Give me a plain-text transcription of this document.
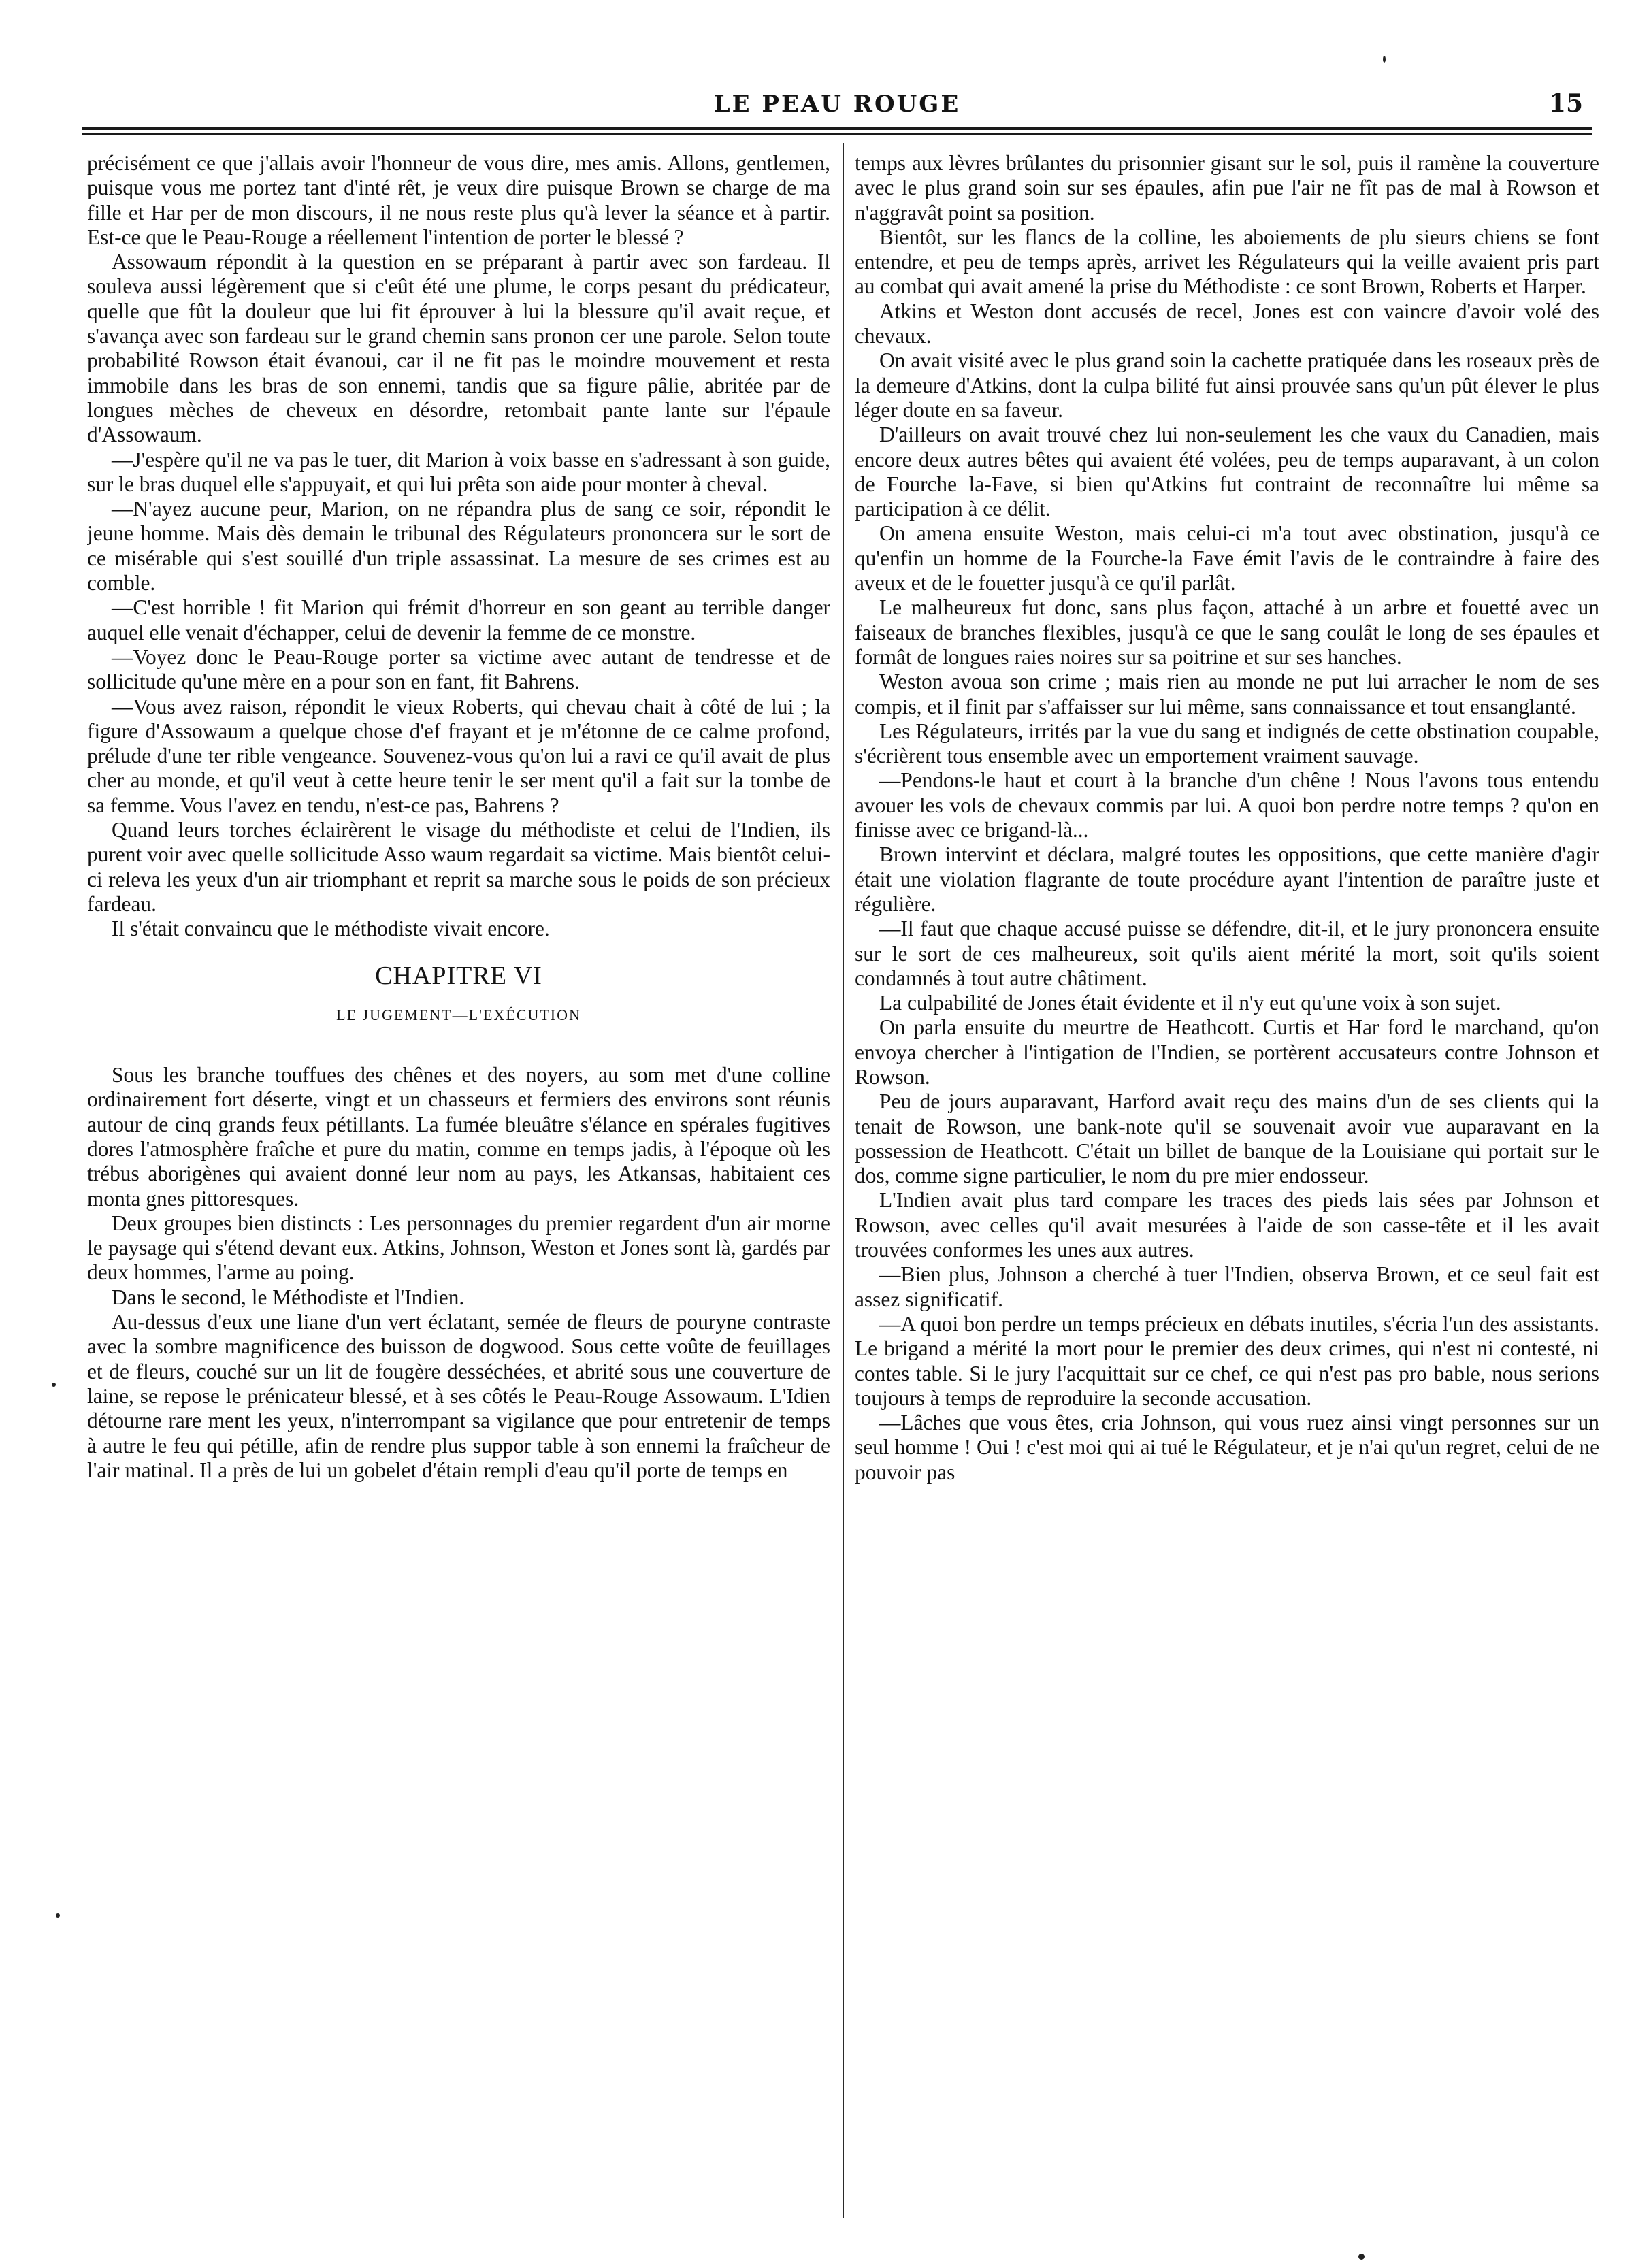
LE PEAU ROUGE	15

précisément ce que j'allais avoir l'honneur de vous dire, mes amis. Allons, gentlemen, puisque vous me portez tant d'inté rêt, je veux dire puisque Brown se charge de ma fille et Har per de mon discours, il ne nous reste plus qu'à lever la séance et à partir. Est-ce que le Peau-Rouge a réellement l'intention de porter le blessé ?

Assowaum répondit à la question en se préparant à partir avec son fardeau. Il souleva aussi légèrement que si c'eût été une plume, le corps pesant du prédicateur, quelle que fût la douleur que lui fit éprouver à lui la blessure qu'il avait reçue, et s'avança avec son fardeau sur le grand chemin sans pronon cer une parole. Selon toute probabilité Rowson était évanoui, car il ne fit pas le moindre mouvement et resta immobile dans les bras de son ennemi, tandis que sa figure pâlie, abritée par de longues mèches de cheveux en désordre, retombait pante lante sur l'épaule d'Assowaum.

—J'espère qu'il ne va pas le tuer, dit Marion à voix basse en s'adressant à son guide, sur le bras duquel elle s'appuyait, et qui lui prêta son aide pour monter à cheval.

—N'ayez aucune peur, Marion, on ne répandra plus de sang ce soir, répondit le jeune homme. Mais dès demain le tribunal des Régulateurs prononcera sur le sort de ce misérable qui s'est souillé d'un triple assassinat. La mesure de ses crimes est au comble.

—C'est horrible ! fit Marion qui frémit d'horreur en son geant au terrible danger auquel elle venait d'échapper, celui de devenir la femme de ce monstre.

—Voyez donc le Peau-Rouge porter sa victime avec autant de tendresse et de sollicitude qu'une mère en a pour son en fant, fit Bahrens.

—Vous avez raison, répondit le vieux Roberts, qui chevau chait à côté de lui ; la figure d'Assowaum a quelque chose d'ef frayant et je m'étonne de ce calme profond, prélude d'une ter rible vengeance. Souvenez-vous qu'on lui a ravi ce qu'il avait de plus cher au monde, et qu'il veut à cette heure tenir le ser ment qu'il a fait sur la tombe de sa femme. Vous l'avez en tendu, n'est-ce pas, Bahrens ?

Quand leurs torches éclairèrent le visage du méthodiste et celui de l'Indien, ils purent voir avec quelle sollicitude Asso waum regardait sa victime. Mais bientôt celui-ci releva les yeux d'un air triomphant et reprit sa marche sous le poids de son précieux fardeau.

Il s'était convaincu que le méthodiste vivait encore.

CHAPITRE VI
LE JUGEMENT—L'EXÉCUTION

Sous les branche touffues des chênes et des noyers, au som met d'une colline ordinairement fort déserte, vingt et un chasseurs et fermiers des environs sont réunis autour de cinq grands feux pétillants. La fumée bleuâtre s'élance en spérales fugitives dores l'atmosphère fraîche et pure du matin, comme en temps jadis, à l'époque où les trébus aborigènes qui avaient donné leur nom au pays, les Atkansas, habitaient ces monta gnes pittoresques.

Deux groupes bien distincts : Les personnages du premier regardent d'un air morne le paysage qui s'étend devant eux. Atkins, Johnson, Weston et Jones sont là, gardés par deux hommes, l'arme au poing.

Dans le second, le Méthodiste et l'Indien.

Au-dessus d'eux une liane d'un vert éclatant, semée de fleurs de pouryne contraste avec la sombre magnificence des buisson de dogwood. Sous cette voûte de feuillages et de fleurs, couché sur un lit de fougère desséchées, et abrité sous une couverture de laine, se repose le prénicateur blessé, et à ses côtés le Peau-Rouge Assowaum. L'Idien détourne rare ment les yeux, n'interrompant sa vigilance que pour entretenir de temps à autre le feu qui pétille, afin de rendre plus suppor table à son ennemi la fraîcheur de l'air matinal. Il a près de lui un gobelet d'étain rempli d'eau qu'il porte de temps en

temps aux lèvres brûlantes du prisonnier gisant sur le sol, puis il ramène la couverture avec le plus grand soin sur ses épaules, afin pue l'air ne fît pas de mal à Rowson et n'aggravât point sa position.

Bientôt, sur les flancs de la colline, les aboiements de plu sieurs chiens se font entendre, et peu de temps après, arrivet les Régulateurs qui la veille avaient pris part au combat qui avait amené la prise du Méthodiste : ce sont Brown, Roberts et Harper.

Atkins et Weston dont accusés de recel, Jones est con vaincre d'avoir volé des chevaux.

On avait visité avec le plus grand soin la cachette pratiquée dans les roseaux près de la demeure d'Atkins, dont la culpa bilité fut ainsi prouvée sans qu'un pût élever le plus léger doute en sa faveur.

D'ailleurs on avait trouvé chez lui non-seulement les che vaux du Canadien, mais encore deux autres bêtes qui avaient été volées, peu de temps auparavant, à un colon de Fourche la-Fave, si bien qu'Atkins fut contraint de reconnaître lui même sa participation à ce délit.

On amena ensuite Weston, mais celui-ci m'a tout avec obstination, jusqu'à ce qu'enfin un homme de la Fourche-la Fave émit l'avis de le contraindre à faire des aveux et de le fouetter jusqu'à ce qu'il parlât.

Le malheureux fut donc, sans plus façon, attaché à un arbre et fouetté avec un faiseaux de branches flexibles, jusqu'à ce que le sang coulât le long de ses épaules et formât de longues raies noires sur sa poitrine et sur ses hanches.

Weston avoua son crime ; mais rien au monde ne put lui arracher le nom de ses compis, et il finit par s'affaisser sur lui même, sans connaissance et tout ensanglanté.

Les Régulateurs, irrités par la vue du sang et indignés de cette obstination coupable, s'écrièrent tous ensemble avec un emportement vraiment sauvage.

—Pendons-le haut et court à la branche d'un chêne ! Nous l'avons tous entendu avouer les vols de chevaux commis par lui. A quoi bon perdre notre temps ? qu'on en finisse avec ce brigand-là...

Brown intervint et déclara, malgré toutes les oppositions, que cette manière d'agir était une violation flagrante de toute procédure ayant l'intention de paraître juste et régulière.

—Il faut que chaque accusé puisse se défendre, dit-il, et le jury prononcera ensuite sur le sort de ces malheureux, soit qu'ils aient mérité la mort, soit qu'ils soient condamnés à tout autre châtiment.

La culpabilité de Jones était évidente et il n'y eut qu'une voix à son sujet.

On parla ensuite du meurtre de Heathcott. Curtis et Har ford le marchand, qu'on envoya chercher à l'intigation de l'Indien, se portèrent accusateurs contre Johnson et Rowson.

Peu de jours auparavant, Harford avait reçu des mains d'un de ses clients qui la tenait de Rowson, une bank-note qu'il se souvenait avoir vue auparavant en la possession de Heathcott. C'était un billet de banque de la Louisiane qui portait sur le dos, comme signe particulier, le nom du pre mier endosseur.

L'Indien avait plus tard compare les traces des pieds lais sées par Johnson et Rowson, avec celles qu'il avait mesurées à l'aide de son casse-tête et il les avait trouvées conformes les unes aux autres.

—Bien plus, Johnson a cherché à tuer l'Indien, observa Brown, et ce seul fait est assez significatif.

—A quoi bon perdre un temps précieux en débats inutiles, s'écria l'un des assistants. Le brigand a mérité la mort pour le premier des deux crimes, qui n'est ni contesté, ni contes table. Si le jury l'acquittait sur ce chef, ce qui n'est pas pro bable, nous serions toujours à temps de reproduire la seconde accusation.

—Lâches que vous êtes, cria Johnson, qui vous ruez ainsi vingt personnes sur un seul homme ! Oui ! c'est moi qui ai tué le Régulateur, et je n'ai qu'un regret, celui de ne pouvoir pas
